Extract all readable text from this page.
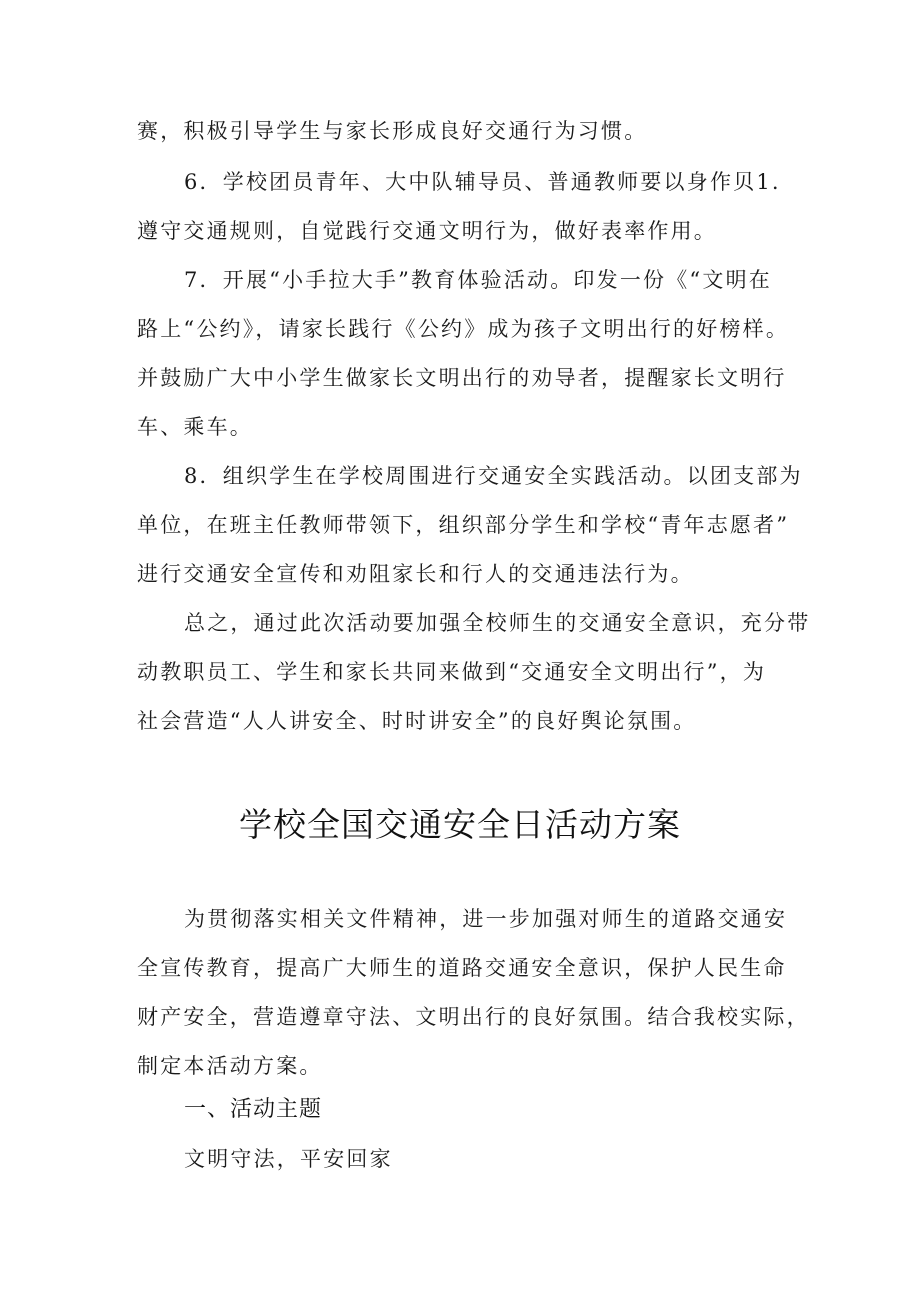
赛，积极引导学生与家长形成良好交通行为习惯。
6．学校团员青年、大中队辅导员、普通教师要以身作贝1.
遵守交通规则，自觉践行交通文明行为，做好表率作用。
7．开展“小手拉大手”教育体验活动。印发一份《“文明在
路上“公约》，请家长践行《公约》成为孩子文明出行的好榜样。
并鼓励广大中小学生做家长文明出行的劝导者，提醒家长文明行
车、乘车。
8．组织学生在学校周围进行交通安全实践活动。以团支部为
单位，在班主任教师带领下，组织部分学生和学校“青年志愿者”
进行交通安全宣传和劝阻家长和行人的交通违法行为。
总之，通过此次活动要加强全校师生的交通安全意识，充分带
动教职员工、学生和家长共同来做到“交通安全文明出行”，为
社会营造“人人讲安全、时时讲安全”的良好舆论氛围。
学校全国交通安全日活动方案
为贯彻落实相关文件精神，进一步加强对师生的道路交通安
全宣传教育，提高广大师生的道路交通安全意识，保护人民生命
财产安全，营造遵章守法、文明出行的良好氛围。结合我校实际，
制定本活动方案。
一、活动主题
文明守法，平安回家
